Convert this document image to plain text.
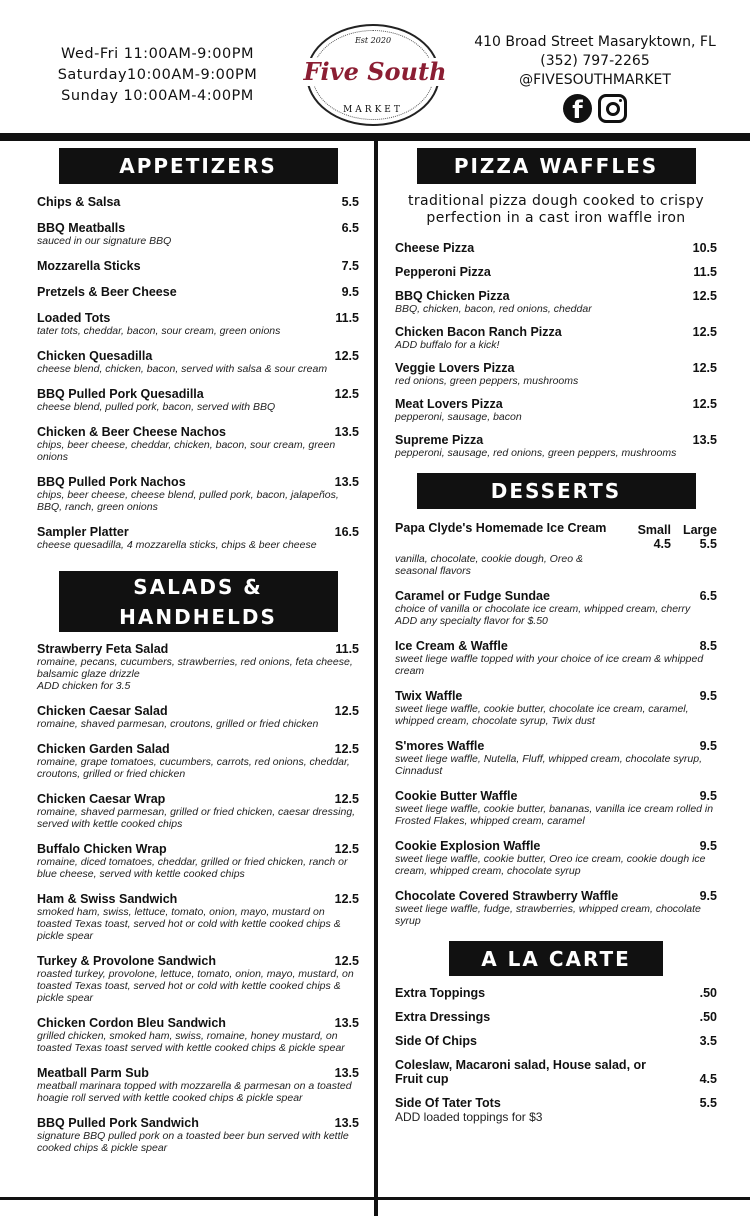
Wed-Fri 11:00AM-9:00PM
Saturday10:00AM-9:00PM
Sunday 10:00AM-4:00PM
Est 2020
Five South
MARKET
410 Broad Street Masaryktown, FL
(352) 797-2265
@FIVESOUTHMARKET
f
APPETIZERS
Chips & Salsa	5.5
BBQ Meatballs	6.5
sauced in our signature BBQ
Mozzarella Sticks	7.5
Pretzels & Beer Cheese	9.5
Loaded Tots	11.5
tater tots, cheddar, bacon, sour cream, green onions
Chicken Quesadilla	12.5
cheese blend, chicken, bacon, served with salsa & sour cream
BBQ Pulled Pork Quesadilla	12.5
cheese blend, pulled pork, bacon, served with BBQ
Chicken & Beer Cheese Nachos	13.5
chips, beer cheese, cheddar, chicken, bacon, sour cream, green onions
BBQ Pulled Pork Nachos	13.5
chips, beer cheese, cheese blend, pulled pork, bacon, jalapeños, BBQ, ranch, green onions
Sampler Platter	16.5
cheese quesadilla, 4 mozzarella sticks, chips & beer cheese
SALADS &
HANDHELDS
Strawberry Feta Salad	11.5
romaine, pecans, cucumbers, strawberries, red onions, feta cheese, balsamic glaze drizzle
ADD chicken for 3.5
Chicken Caesar Salad	12.5
romaine, shaved parmesan, croutons, grilled or fried chicken
Chicken Garden Salad	12.5
romaine, grape tomatoes, cucumbers, carrots, red onions, cheddar, croutons, grilled or fried chicken
Chicken Caesar Wrap	12.5
romaine, shaved parmesan, grilled or fried chicken, caesar dressing, served with kettle cooked chips
Buffalo Chicken Wrap	12.5
romaine, diced tomatoes, cheddar, grilled or fried chicken, ranch or blue cheese, served with kettle cooked chips
Ham & Swiss Sandwich	12.5
smoked ham, swiss, lettuce, tomato, onion, mayo, mustard on toasted Texas toast, served hot or cold with kettle cooked chips & pickle spear
Turkey & Provolone Sandwich	12.5
roasted turkey, provolone, lettuce, tomato, onion, mayo, mustard, on toasted Texas toast, served hot or cold with kettle cooked chips & pickle spear
Chicken Cordon Bleu Sandwich	13.5
grilled chicken, smoked ham, swiss, romaine, honey mustard, on toasted Texas toast served with kettle cooked chips & pickle spear
Meatball Parm Sub	13.5
meatball marinara topped with mozzarella & parmesan on a toasted hoagie roll served with kettle cooked chips & pickle spear
BBQ Pulled Pork Sandwich	13.5
signature BBQ pulled pork on a toasted beer bun served with kettle cooked chips & pickle spear
PIZZA WAFFLES
traditional pizza dough cooked to crispy perfection in a cast iron waffle iron
Cheese Pizza	10.5
Pepperoni Pizza	11.5
BBQ Chicken Pizza	12.5
BBQ, chicken, bacon, red onions, cheddar
Chicken Bacon Ranch Pizza	12.5
ADD buffalo for a kick!
Veggie Lovers Pizza	12.5
red onions, green peppers, mushrooms
Meat Lovers Pizza	12.5
pepperoni, sausage, bacon
Supreme Pizza	13.5
pepperoni, sausage, red onions, green peppers, mushrooms
DESSERTS
Papa Clyde's Homemade Ice Cream Small
4.5
Large
5.5
vanilla, chocolate, cookie dough, Oreo & seasonal flavors
Caramel or Fudge Sundae	6.5
choice of vanilla or chocolate ice cream, whipped cream, cherry
ADD any specialty flavor for $.50
Ice Cream & Waffle	8.5
sweet liege waffle topped with your choice of ice cream & whipped cream
Twix Waffle	9.5
sweet liege waffle, cookie butter, chocolate ice cream, caramel, whipped cream, chocolate syrup, Twix dust
S'mores Waffle	9.5
sweet liege waffle, Nutella, Fluff, whipped cream, chocolate syrup, Cinnadust
Cookie Butter Waffle	9.5
sweet liege waffle, cookie butter, bananas, vanilla ice cream rolled in Frosted Flakes, whipped cream, caramel
Cookie Explosion Waffle	9.5
sweet liege waffle, cookie butter, Oreo ice cream, cookie dough ice cream, whipped cream, chocolate syrup
Chocolate Covered Strawberry Waffle	9.5
sweet liege waffle, fudge, strawberries, whipped cream, chocolate syrup
A LA CARTE
Extra Toppings	.50
Extra Dressings	.50
Side Of Chips	3.5
Coleslaw, Macaroni salad, House salad, or Fruit cup	4.5
Side Of Tater Tots	5.5
ADD loaded toppings for $3
